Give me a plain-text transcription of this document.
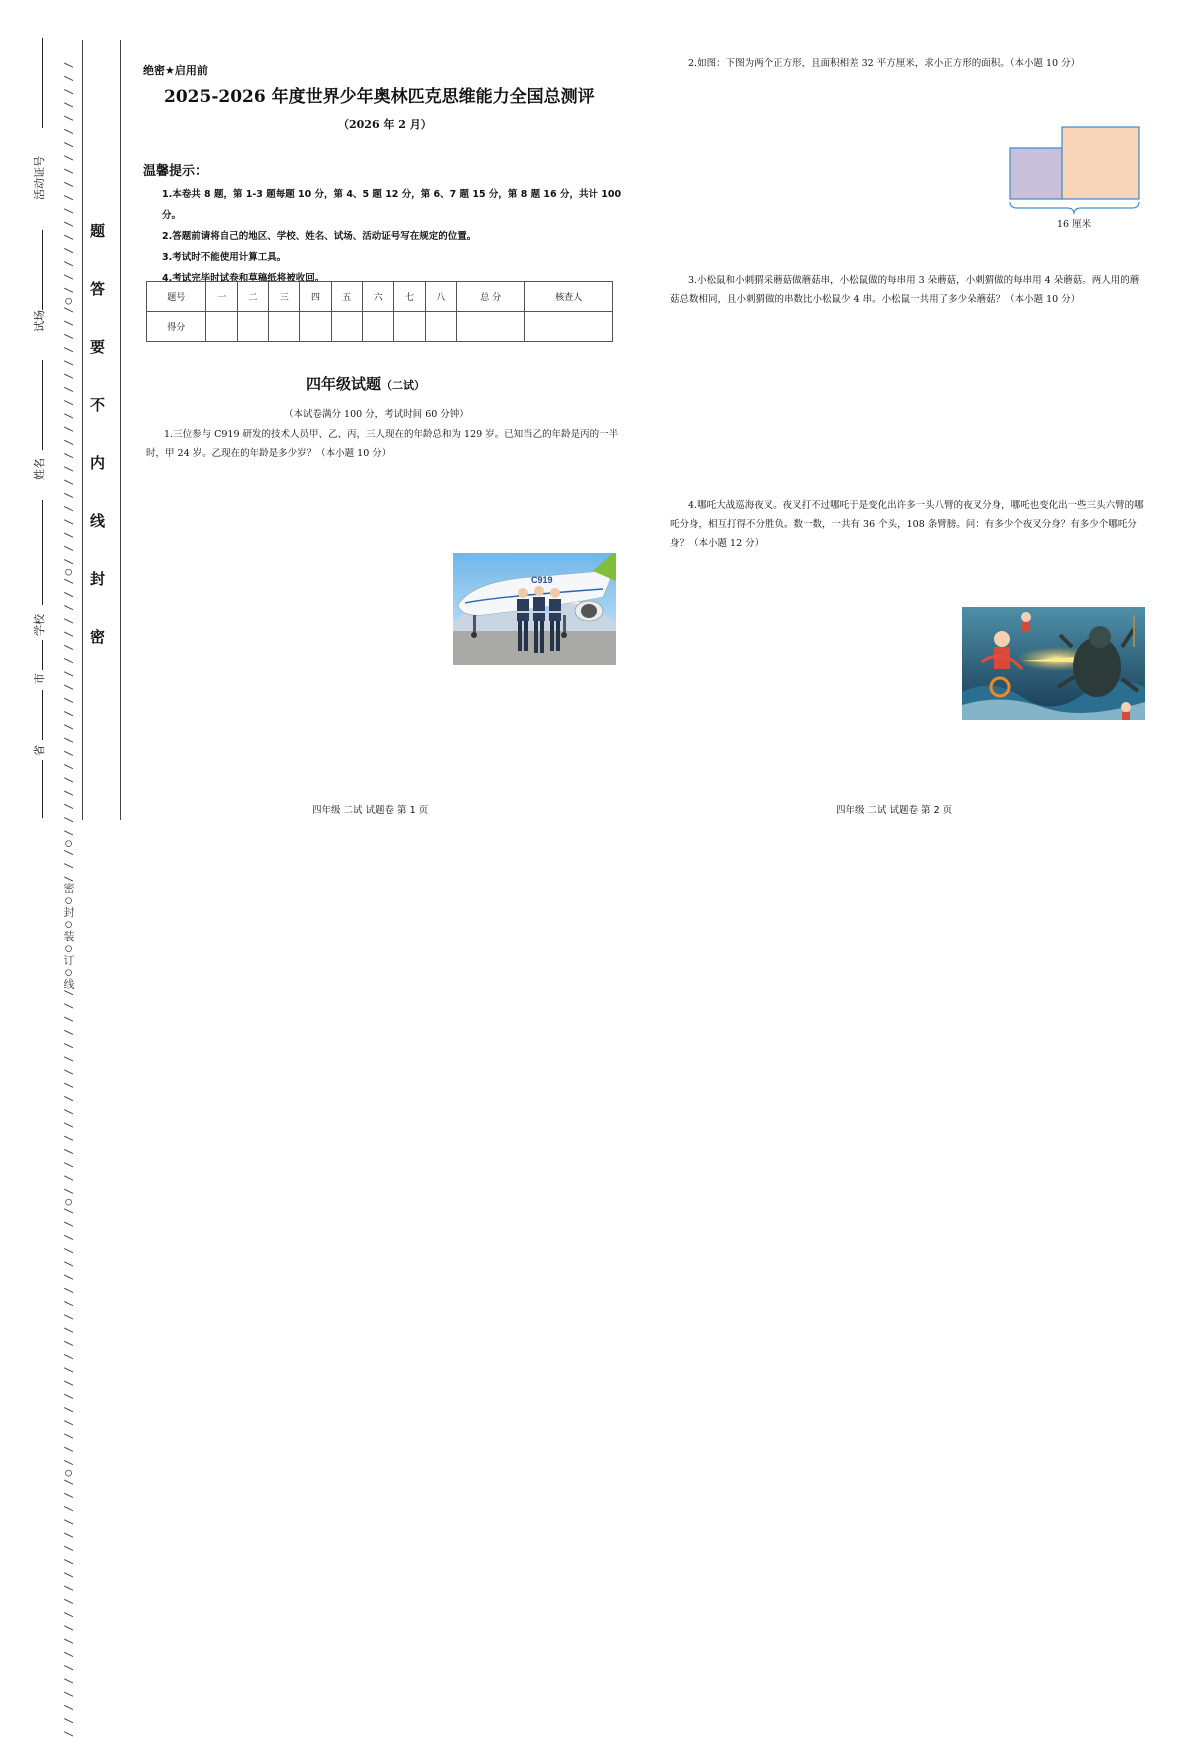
/ / / / / / / / / / / / / / / / / /○/ / / / / / / / / / / / / / / / / / / /○/ / / / / / / / / / / / / / / / / / / /○/ / /密○封○装○订○线/ / / / / / / / / / / / / / / /○/ / / / / / / / / / / / / / / / / / / /○/ / / / / / / / / / / / / / / / / / / /
活动证号
试场
姓名
学校
市
省
题
答
要
不
内
线
封
密
绝密★启用前
2025-2026 年度世界少年奥林匹克思维能力全国总测评
（2026 年 2 月）
温馨提示：
1.本卷共 8 题，第 1-3 题每题 10 分，第 4、5 题 12 分，第 6、7 题 15 分，第 8 题 16 分，共计 100 分。
2.答题前请将自己的地区、学校、姓名、试场、活动证号写在规定的位置。
3.考试时不能使用计算工具。
4.考试完毕时试卷和草稿纸将被收回。
题号	一	二	三	四	五	六	七	八	总 分	核查人
得分										
四年级试题（二试）
（本试卷满分 100 分，考试时间 60 分钟）
1.三位参与 C919 研发的技术人员甲、乙、丙，三人现在的年龄总和为 129 岁。已知当乙的年龄是丙的一半时，甲 24 岁。乙现在的年龄是多少岁？（本小题 10 分）
C919
四年级 二试 试题卷 第 1 页
2.如图：下图为两个正方形，且面积相差 32 平方厘米，求小正方形的面积。（本小题 10 分）
16 厘米
3.小松鼠和小刺猬采蘑菇做蘑菇串，小松鼠做的每串用 3 朵蘑菇，小刺猬做的每串用 4 朵蘑菇。两人用的蘑菇总数相同，且小刺猬做的串数比小松鼠少 4 串。小松鼠一共用了多少朵蘑菇？（本小题 10 分）
4.哪吒大战巡海夜叉。夜叉打不过哪吒于是变化出许多一头八臂的夜叉分身，哪吒也变化出一些三头六臂的哪吒分身，相互打得不分胜负。数一数，一共有 36 个头，108 条臂膀。问：有多少个夜叉分身？有多少个哪吒分身？（本小题 12 分）
四年级 二试 试题卷 第 2 页
